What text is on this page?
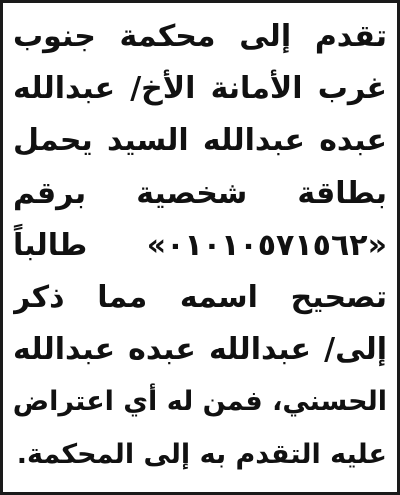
تقدم إلى محكمة جنوب
غرب الأمانة الأخ/ عبدالله
عبده عبدالله السيد يحمل
بطاقة شخصية برقم
«٠١٠١٠٥٧١٥٦٢» طالباً
تصحيح اسمه مما ذكر
إلى/ عبدالله عبده عبدالله
الحسني، فمن له أي اعتراض
عليه التقدم به إلى المحكمة.
